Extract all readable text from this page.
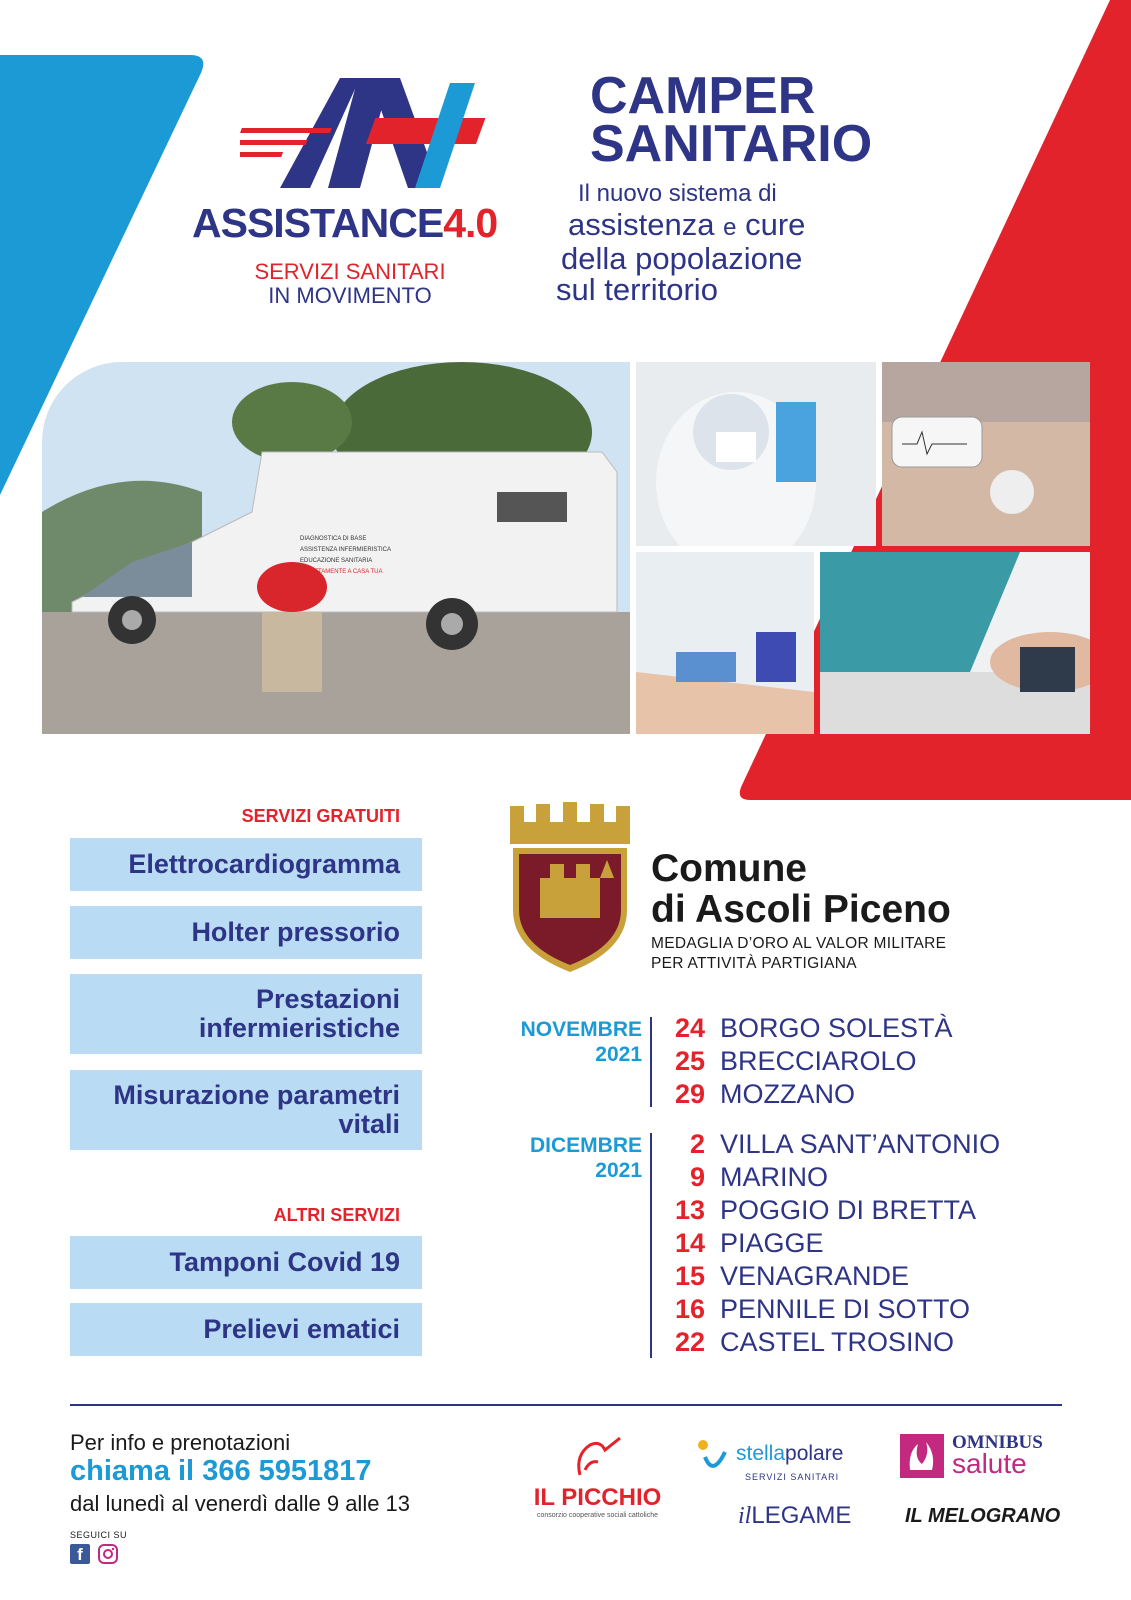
ASSISTANCE4.0
SERVIZI SANITARI
IN MOVIMENTO
CAMPER
SANITARIO
Il nuovo sistema di
assistenza e cure
della popolazione
sul territorio
DIAGNOSTICA DI BASE
ASSISTENZA INFERMIERISTICA
EDUCAZIONE SANITARIA
DIRETTAMENTE A CASA TUA
SERVIZI GRATUITI
Elettrocardiogramma
Holter pressorio
Prestazioni infermieristiche
Misurazione parametri vitali
ALTRI SERVIZI
Tamponi Covid 19
Prelievi ematici
Comune
di Ascoli Piceno
MEDAGLIA D’ORO AL VALOR MILITARE
PER ATTIVITÀ PARTIGIANA
NOVEMBRE
2021
24 BORGO SOLESTÀ
25 BRECCIAROLO
29 MOZZANO
DICEMBRE
2021
2 VILLA SANT’ANTONIO
9 MARINO
13 POGGIO DI BRETTA
14 PIAGGE
15 VENAGRANDE
16 PENNILE DI SOTTO
22 CASTEL TROSINO
Per info e prenotazioni
chiama il 366 5951817
dal lunedì al venerdì dalle 9 alle 13
SEGUICI SU
f
IL PICCHIO
consorzio cooperative sociali cattoliche
stellapolare
SERVIZI SANITARI
ilLEGAME
OMNIBUS
salute
IL MELOGRANO
